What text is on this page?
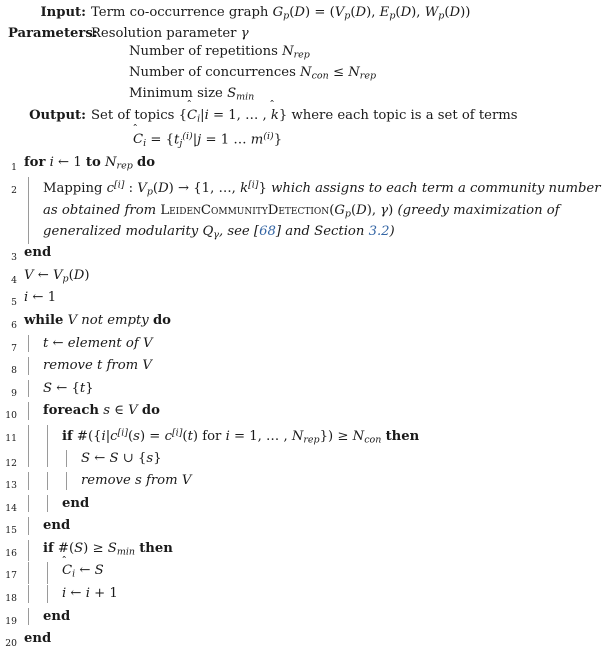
Input: Term co-occurrence graph $G_p(D) = (V_p(D)$, $E_p(D)$, $W_p(D)$)
Parameters:
Resolution parameter γ
Number of repetitions $N_{rep}$
Number of concurrences $N_{con} \le N_{rep}$
Minimum size $S_{min}$
Output: Set of topics {
$C_i|i = 1$, … , k} where each topic is a set of terms
$C_i = \{t_j^{(i)}|j = 1$ … $m^{(i)}$}
1 for i ← 1 to $N_{rep}$ do
2	Mapping c[i] : $V_p(D) \to \{1$, …, k[i]} which assigns to each term a community number as obtained from $LeidenCommunityDetection(G_p(D)$, γ) (greedy maximization of generalized modularity $Q_\gamma$, see [68] and Section 3.2)
3 end
4 V ← $V_p(D)$
5 i ← 1
6 while V not empty do
7	t ← element of V
8	remove t from V
9	S ← {t}
10	foreach s ∈ V do
11	if #({i|c[i](s) = c[i](t) for i = 1, … , $N_{rep}\}) \ge N_{con}$ then
12	S ← S ∪ {s}
13	remove s from V
14	end
15	end
16	if #(S) ≥ $S_{min}$ then
17	$C_i$ ← S
18	i ← i + 1
19	end
20 end
